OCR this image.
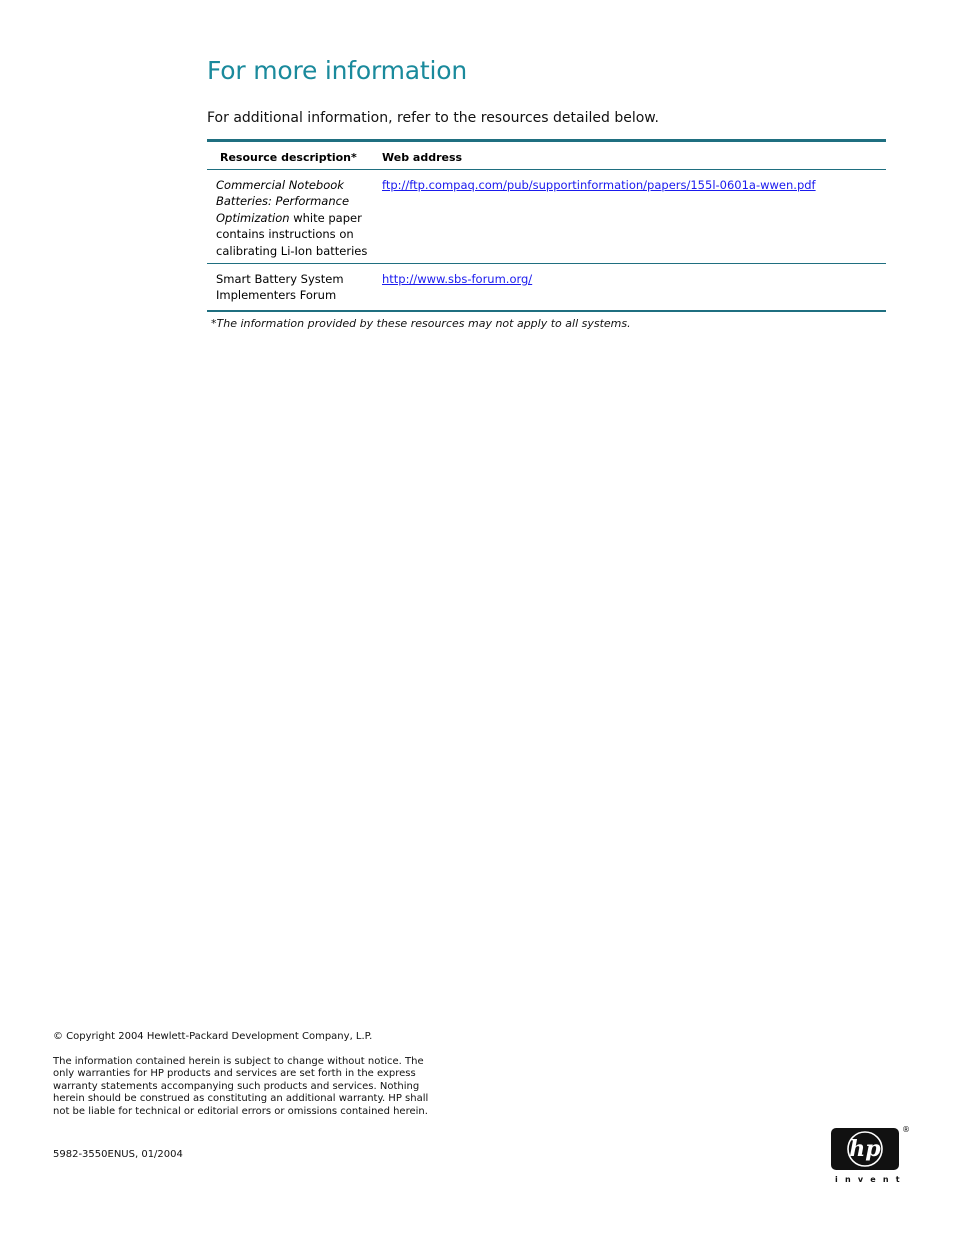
For more information
For additional information, refer to the resources detailed below.
Resource description*	Web address
Commercial Notebook Batteries: Performance Optimization white paper contains instructions on calibrating Li-Ion batteries
ftp://ftp.compaq.com/pub/supportinformation/papers/155l-0601a-wwen.pdf
Smart Battery System Implementers Forum
http://www.sbs-forum.org/
*The information provided by these resources may not apply to all systems.
© Copyright 2004 Hewlett-Packard Development Company, L.P.
The information contained herein is subject to change without notice. The only warranties for HP products and services are set forth in the express warranty statements accompanying such products and services. Nothing herein should be construed as constituting an additional warranty. HP shall not be liable for technical or editorial errors or omissions contained herein.
5982-3550ENUS, 01/2004	hp
®
invent
